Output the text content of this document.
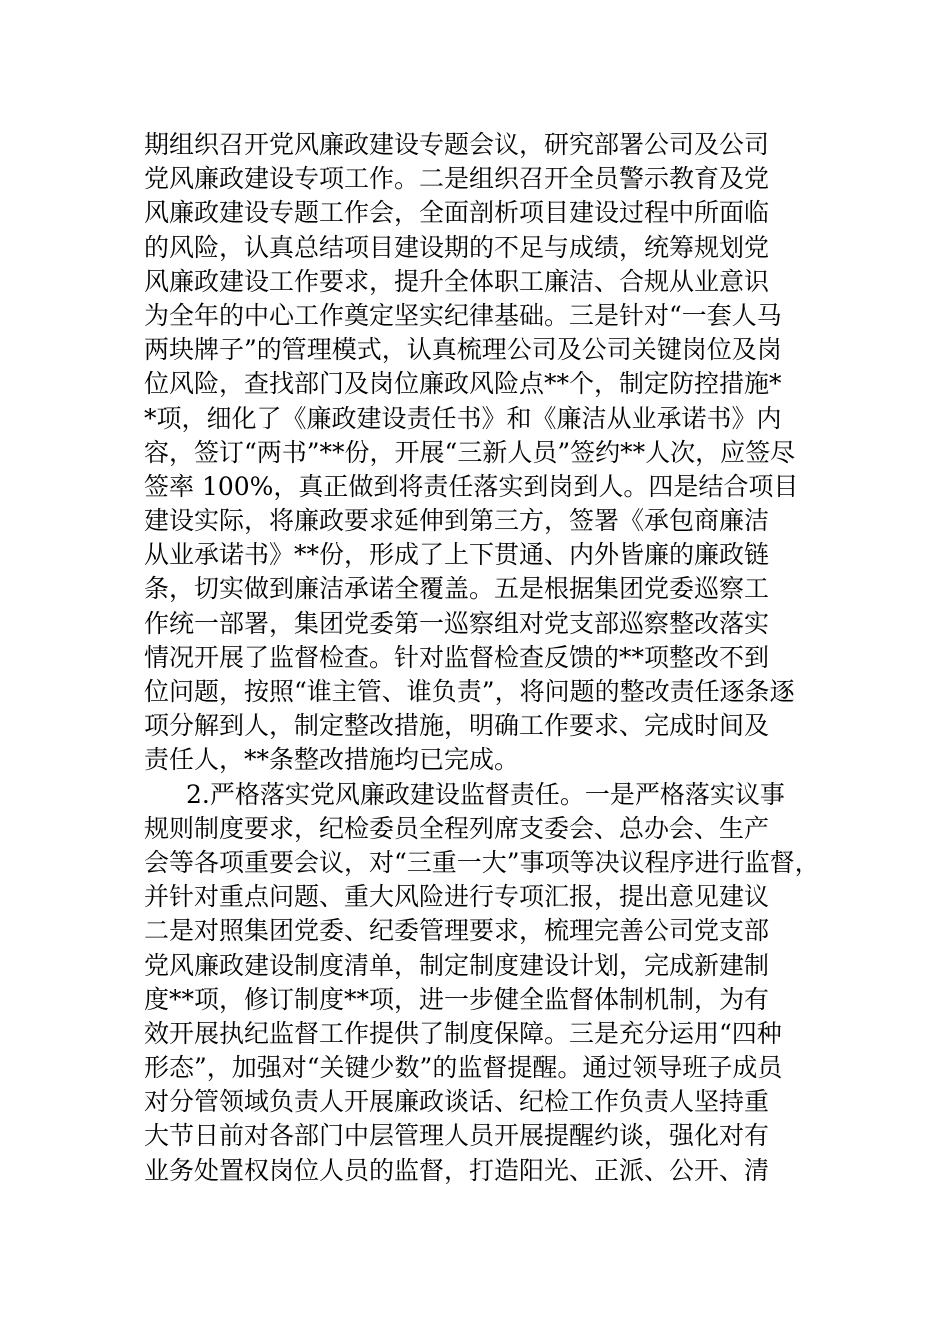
期组织召开党风廉政建设专题会议，研究部署公司及公司
党风廉政建设专项工作。二是组织召开全员警示教育及党
风廉政建设专题工作会，全面剖析项目建设过程中所面临
的风险，认真总结项目建设期的不足与成绩，统筹规划党
风廉政建设工作要求，提升全体职工廉洁、合规从业意识
为全年的中心工作奠定坚实纪律基础。三是针对“一套人马
两块牌子”的管理模式，认真梳理公司及公司关键岗位及岗
位风险，查找部门及岗位廉政风险点**个，制定防控措施*
*项，细化了《廉政建设责任书》和《廉洁从业承诺书》内
容，签订“两书”**份，开展“三新人员”签约**人次，应签尽
签率 100%，真正做到将责任落实到岗到人。四是结合项目
建设实际，将廉政要求延伸到第三方，签署《承包商廉洁
从业承诺书》**份，形成了上下贯通、内外皆廉的廉政链
条，切实做到廉洁承诺全覆盖。五是根据集团党委巡察工
作统一部署，集团党委第一巡察组对党支部巡察整改落实
情况开展了监督检查。针对监督检查反馈的**项整改不到
位问题，按照“谁主管、谁负责”，将问题的整改责任逐条逐
项分解到人，制定整改措施，明确工作要求、完成时间及
责任人，**条整改措施均已完成。
2.严格落实党风廉政建设监督责任。一是严格落实议事
规则制度要求，纪检委员全程列席支委会、总办会、生产
会等各项重要会议，对“三重一大”事项等决议程序进行监督，
并针对重点问题、重大风险进行专项汇报，提出意见建议
二是对照集团党委、纪委管理要求，梳理完善公司党支部
党风廉政建设制度清单，制定制度建设计划，完成新建制
度**项，修订制度**项，进一步健全监督体制机制，为有
效开展执纪监督工作提供了制度保障。三是充分运用“四种
形态”，加强对“关键少数”的监督提醒。通过领导班子成员
对分管领域负责人开展廉政谈话、纪检工作负责人坚持重
大节日前对各部门中层管理人员开展提醒约谈，强化对有
业务处置权岗位人员的监督，打造阳光、正派、公开、清
